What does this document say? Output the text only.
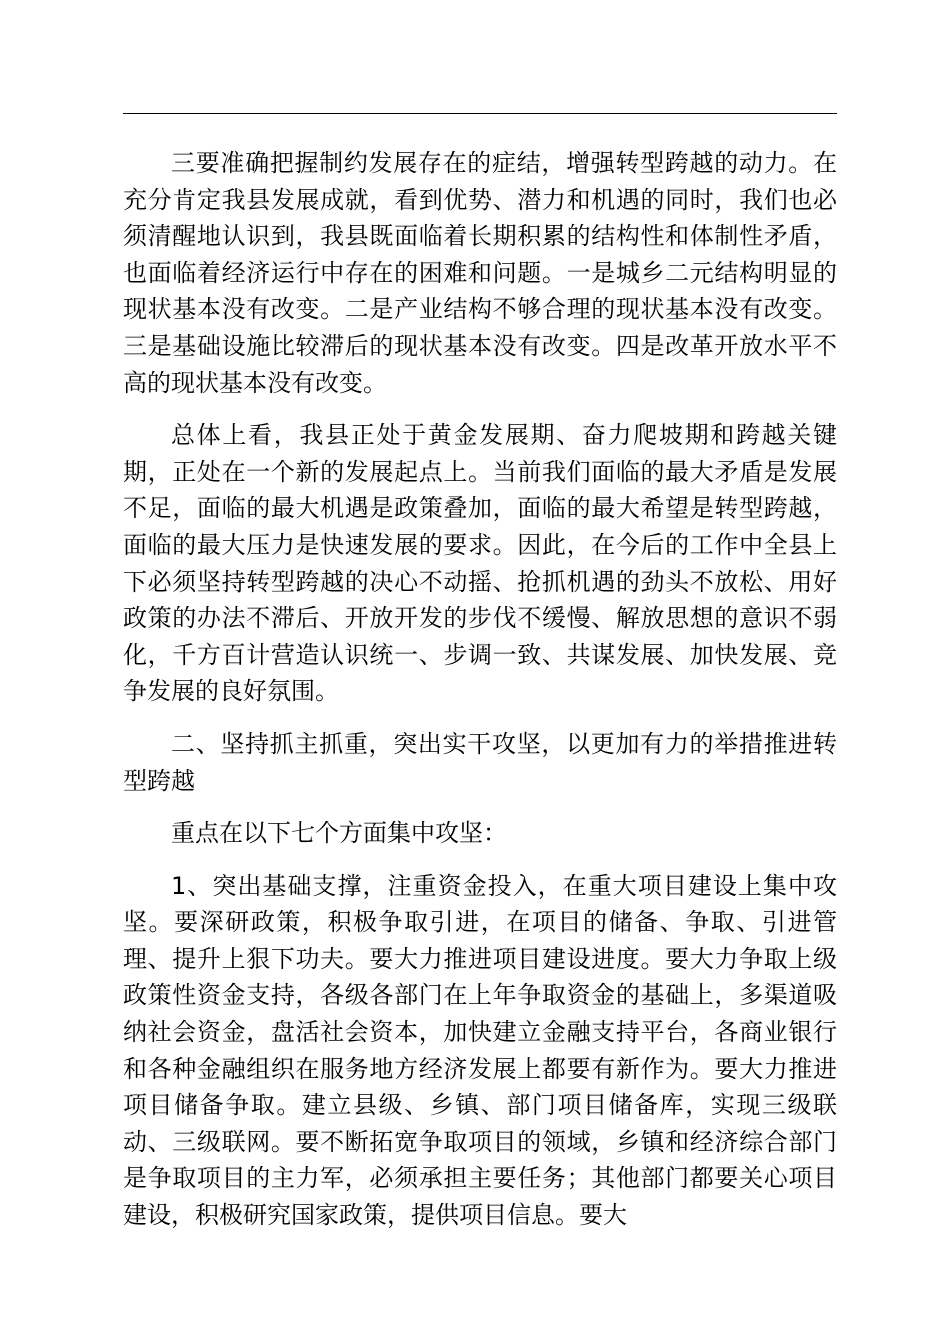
三要准确把握制约发展存在的症结，增强转型跨越的动力。在充分肯定我县发展成就，看到优势、潜力和机遇的同时，我们也必须清醒地认识到，我县既面临着长期积累的结构性和体制性矛盾，也面临着经济运行中存在的困难和问题。一是城乡二元结构明显的现状基本没有改变。二是产业结构不够合理的现状基本没有改变。三是基础设施比较滞后的现状基本没有改变。四是改革开放水平不高的现状基本没有改变。

总体上看，我县正处于黄金发展期、奋力爬坡期和跨越关键期，正处在一个新的发展起点上。当前我们面临的最大矛盾是发展不足，面临的最大机遇是政策叠加，面临的最大希望是转型跨越，面临的最大压力是快速发展的要求。因此，在今后的工作中全县上下必须坚持转型跨越的决心不动摇、抢抓机遇的劲头不放松、用好政策的办法不滞后、开放开发的步伐不缓慢、解放思想的意识不弱化，千方百计营造认识统一、步调一致、共谋发展、加快发展、竞争发展的良好氛围。

二、坚持抓主抓重，突出实干攻坚，以更加有力的举措推进转型跨越

重点在以下七个方面集中攻坚：

1、突出基础支撑，注重资金投入，在重大项目建设上集中攻坚。要深研政策，积极争取引进，在项目的储备、争取、引进管理、提升上狠下功夫。要大力推进项目建设进度。要大力争取上级政策性资金支持，各级各部门在上年争取资金的基础上，多渠道吸纳社会资金，盘活社会资本，加快建立金融支持平台，各商业银行和各种金融组织在服务地方经济发展上都要有新作为。要大力推进项目储备争取。建立县级、乡镇、部门项目储备库，实现三级联动、三级联网。要不断拓宽争取项目的领域，乡镇和经济综合部门是争取项目的主力军，必须承担主要任务；其他部门都要关心项目建设，积极研究国家政策，提供项目信息。要大
